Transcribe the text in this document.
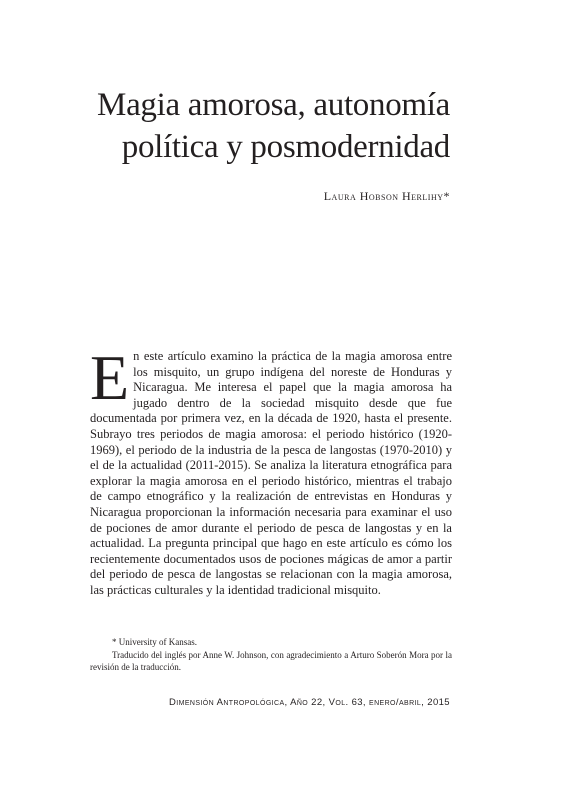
Magia amorosa, autonomía
política y posmodernidad
Laura Hobson Herlihy*

En este artículo examino la práctica de la magia amorosa entre los misquito, un grupo indígena del noreste de Honduras y Nicaragua. Me interesa el papel que la magia amorosa ha jugado dentro de la sociedad misquito desde que fue documentada por primera vez, en la década de 1920, hasta el presente. Subrayo tres periodos de magia amorosa: el periodo histórico (1920-1969), el periodo de la industria de la pesca de langostas (1970-2010) y el de la actualidad (2011-2015). Se analiza la literatura etnográfica para explorar la magia amorosa en el periodo histórico, mientras el trabajo de campo etnográfico y la realización de entrevistas en Honduras y Nicaragua proporcionan la información necesaria para examinar el uso de pociones de amor durante el periodo de pesca de langostas y en la actualidad. La pregunta principal que hago en este artículo es cómo los recientemente documentados usos de pociones mágicas de amor a partir del periodo de pesca de langostas se relacionan con la magia amorosa, las prácticas culturales y la identidad tradicional misquito.

* University of Kansas.

Traducido del inglés por Anne W. Johnson, con agradecimiento a Arturo Soberón Mora por la revisión de la traducción.

Dimensión Antropológica, Año 22, Vol. 63, enero/abril, 2015
